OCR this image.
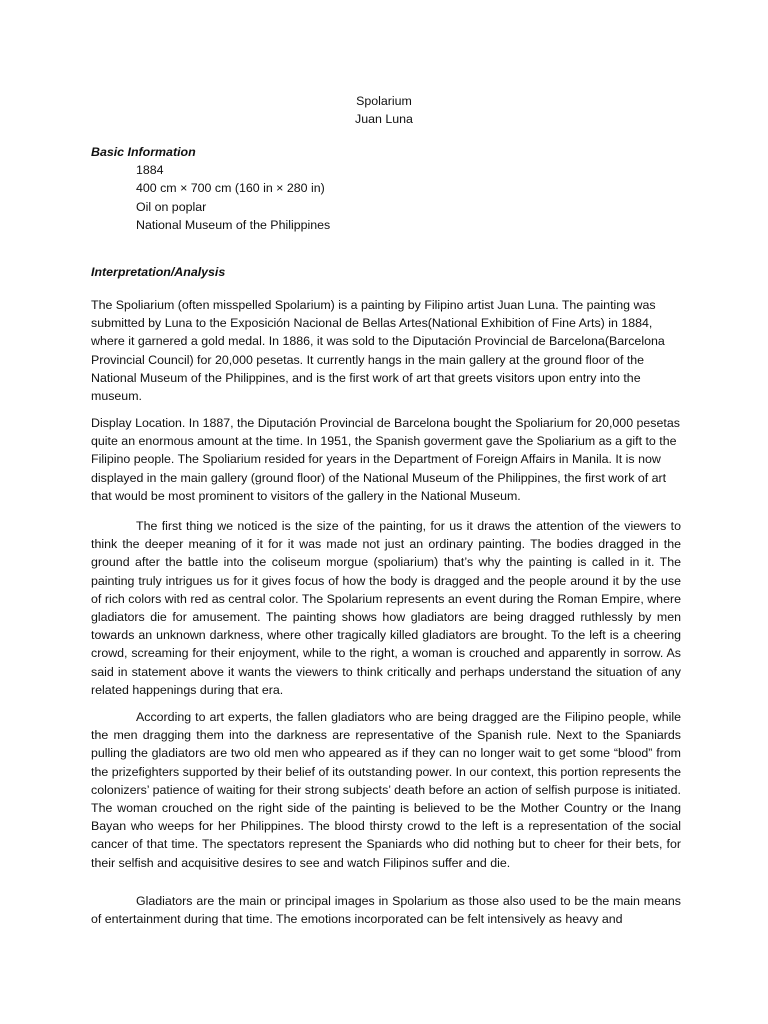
Spolarium
Juan Luna
Basic Information
1884
400 cm × 700 cm (160 in × 280 in)
Oil on poplar
National Museum of the Philippines
Interpretation/Analysis

The Spoliarium (often misspelled Spolarium) is a painting by Filipino artist Juan Luna. The painting was submitted by Luna to the Exposición Nacional de Bellas Artes(National Exhibition of Fine Arts) in 1884, where it garnered a gold medal. In 1886, it was sold to the Diputación Provincial de Barcelona(Barcelona Provincial Council) for 20,000 pesetas. It currently hangs in the main gallery at the ground floor of the National Museum of the Philippines, and is the first work of art that greets visitors upon entry into the museum.

Display Location. In 1887, the Diputación Provincial de Barcelona bought the Spoliarium for 20,000 pesetas quite an enormous amount at the time. In 1951, the Spanish goverment gave the Spoliarium as a gift to the Filipino people. The Spoliarium resided for years in the Department of Foreign Affairs in Manila. It is now displayed in the main gallery (ground floor) of the National Museum of the Philippines, the first work of art that would be most prominent to visitors of the gallery in the National Museum.

The first thing we noticed is the size of the painting, for us it draws the attention of the viewers to think the deeper meaning of it for it was made not just an ordinary painting. The bodies dragged in the ground after the battle into the coliseum morgue (spoliarium) that’s why the painting is called in it. The painting truly intrigues us for it gives focus of how the body is dragged and the people around it by the use of rich colors with red as central color. The Spolarium represents an event during the Roman Empire, where gladiators die for amusement. The painting shows how gladiators are being dragged ruthlessly by men towards an unknown darkness, where other tragically killed gladiators are brought. To the left is a cheering crowd, screaming for their enjoyment, while to the right, a woman is crouched and apparently in sorrow. As said in statement above it wants the viewers to think critically and perhaps understand the situation of any related happenings during that era.

According to art experts, the fallen gladiators who are being dragged are the Filipino people, while the men dragging them into the darkness are representative of the Spanish rule. Next to the Spaniards pulling the gladiators are two old men who appeared as if they can no longer wait to get some “blood” from the prizefighters supported by their belief of its outstanding power. In our context, this portion represents the colonizers’ patience of waiting for their strong subjects’ death before an action of selfish purpose is initiated. The woman crouched on the right side of the painting is believed to be the Mother Country or the Inang Bayan who weeps for her Philippines. The blood thirsty crowd to the left is a representation of the social cancer of that time. The spectators represent the Spaniards who did nothing but to cheer for their bets, for their selfish and acquisitive desires to see and watch Filipinos suffer and die.

Gladiators are the main or principal images in Spolarium as those also used to be the main means of entertainment during that time. The emotions incorporated can be felt intensively as heavy and
